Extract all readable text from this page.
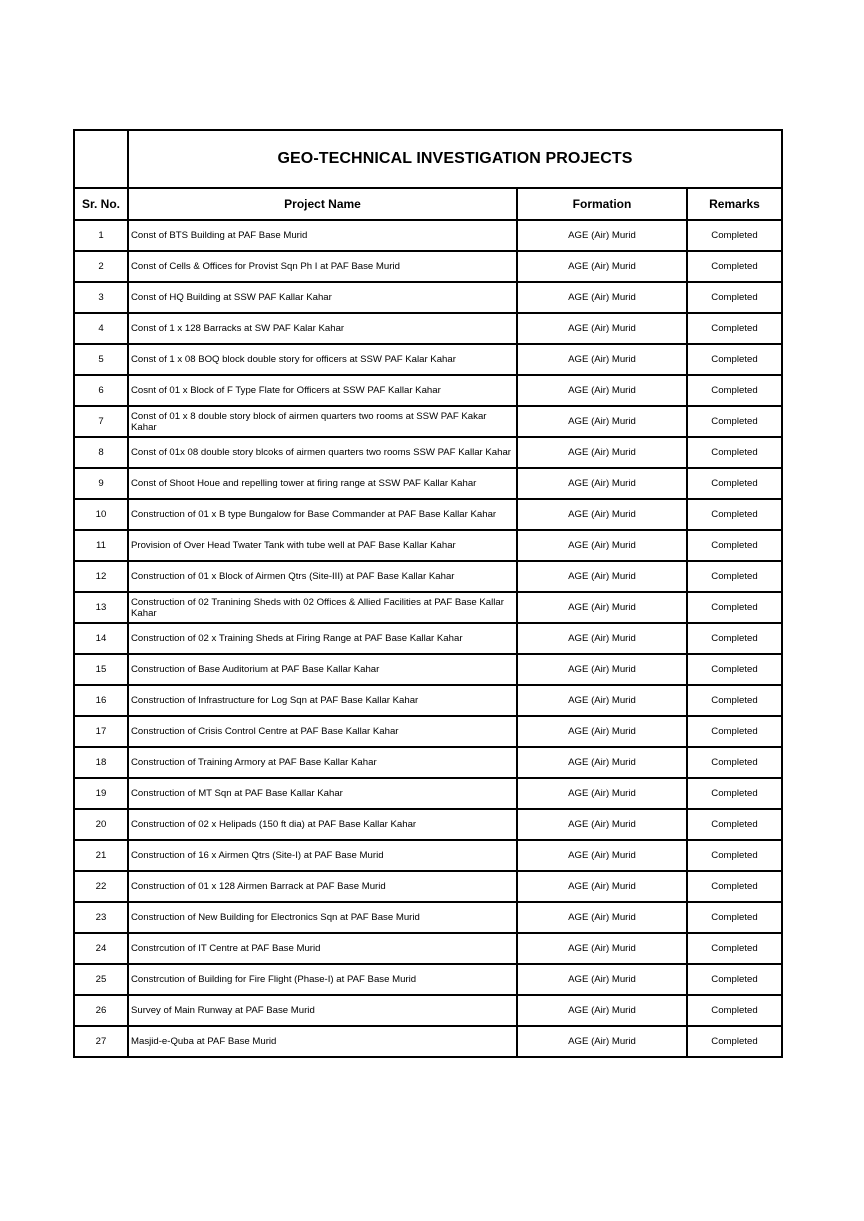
	GEO-TECHNICAL INVESTIGATION PROJECTS		
Sr. No.	Project Name	Formation	Remarks
1	Const of BTS Building at PAF Base Murid	AGE (Air) Murid	Completed
2	Const of Cells & Offices for Provist Sqn Ph I at PAF Base Murid	AGE (Air) Murid	Completed
3	Const of HQ Building at SSW PAF Kallar Kahar	AGE (Air) Murid	Completed
4	Const of 1 x 128 Barracks at SW PAF Kalar Kahar	AGE (Air) Murid	Completed
5	Const of 1 x 08 BOQ block double story for officers at SSW PAF Kalar Kahar	AGE (Air) Murid	Completed
6	Cosnt of 01 x Block of F Type Flate for Officers at SSW PAF Kallar Kahar	AGE (Air) Murid	Completed
7	Const of 01 x 8 double story block of airmen quarters two rooms at SSW PAF Kakar Kahar	AGE (Air) Murid	Completed
8	Const of 01x 08 double story blcoks of airmen quarters two rooms SSW PAF Kallar Kahar	AGE (Air) Murid	Completed
9	Const of Shoot Houe and repelling tower at firing range at SSW PAF Kallar Kahar	AGE (Air) Murid	Completed
10	Construction of 01 x B type Bungalow for Base Commander at PAF Base Kallar Kahar	AGE (Air) Murid	Completed
11	Provision of Over Head Twater Tank with tube well at PAF Base Kallar Kahar	AGE (Air) Murid	Completed
12	Construction of 01 x Block of Airmen Qtrs (Site-III) at PAF Base Kallar Kahar	AGE (Air) Murid	Completed
13	Construction of 02 Tranining Sheds with 02 Offices & Allied Facilities at PAF Base Kallar Kahar	AGE (Air) Murid	Completed
14	Construction of 02 x Training Sheds at Firing Range at PAF Base Kallar Kahar	AGE (Air) Murid	Completed
15	Construction of Base Auditorium at PAF Base Kallar Kahar	AGE (Air) Murid	Completed
16	Construction of Infrastructure for Log Sqn at PAF Base Kallar Kahar	AGE (Air) Murid	Completed
17	Construction of Crisis Control Centre at PAF Base Kallar Kahar	AGE (Air) Murid	Completed
18	Construction of Training Armory at PAF Base Kallar Kahar	AGE (Air) Murid	Completed
19	Construction of MT Sqn at PAF Base Kallar Kahar	AGE (Air) Murid	Completed
20	Construction of 02 x Helipads (150 ft dia) at PAF Base Kallar Kahar	AGE (Air) Murid	Completed
21	Construction of 16 x Airmen Qtrs (Site-I) at PAF Base Murid	AGE (Air) Murid	Completed
22	Construction of 01 x 128 Airmen Barrack at PAF Base Murid	AGE (Air) Murid	Completed
23	Construction of New Building for Electronics Sqn at PAF Base Murid	AGE (Air) Murid	Completed
24	Constrcution of IT Centre at PAF Base Murid	AGE (Air) Murid	Completed
25	Constrcution of Building for Fire Flight (Phase-I) at PAF Base Murid	AGE (Air) Murid	Completed
26	Survey of Main Runway at PAF Base Murid	AGE (Air) Murid	Completed
27	Masjid-e-Quba at PAF Base Murid	AGE (Air) Murid	Completed
